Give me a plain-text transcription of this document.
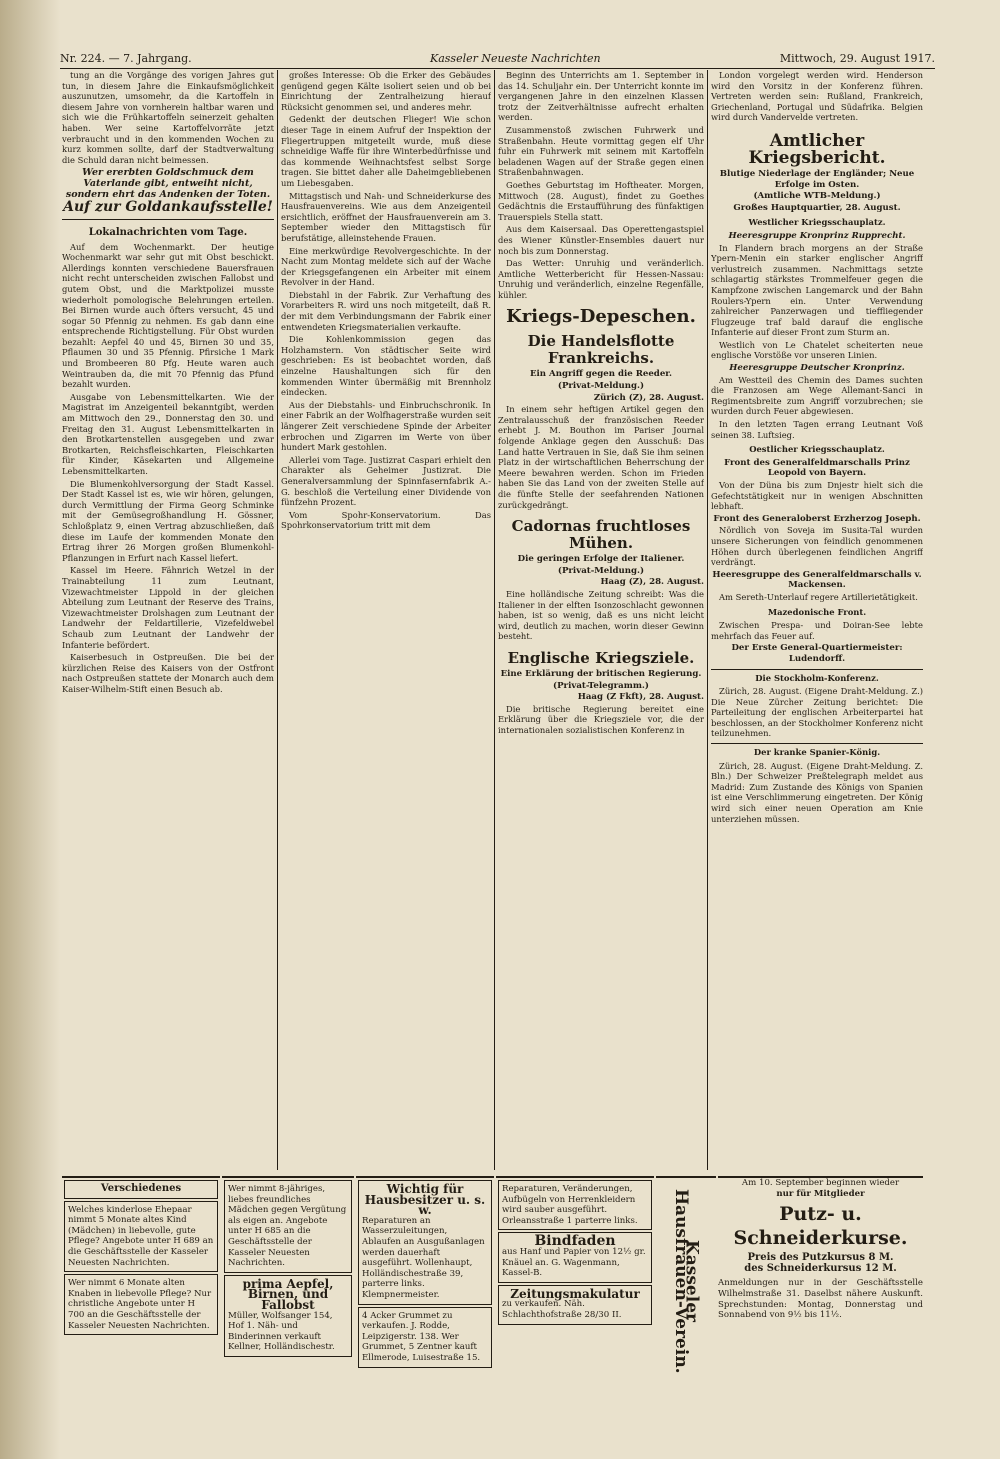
Nr. 224. — 7. Jahrgang.	Kasseler Neueste Nachrichten	Mittwoch, 29. August 1917.

tung an die Vorgänge des vorigen Jahres gut tun, in diesem Jahre die Einkaufsmöglichkeit auszunutzen, umsomehr, da die Kartoffeln in diesem Jahre von vornherein haltbar waren und sich wie die Frühkartoffeln seinerzeit gehalten haben. Wer seine Kartoffelvorräte jetzt verbraucht und in den kommenden Wochen zu kurz kommen sollte, darf der Stadtverwaltung die Schuld daran nicht beimessen.

Wer ererbten Goldschmuck dem Vaterlande gibt, entweiht nicht, sondern ehrt das Andenken der Toten.
Auf zur Goldankaufsstelle!
Lokalnachrichten vom Tage.

Auf dem Wochenmarkt. Der heutige Wochenmarkt war sehr gut mit Obst beschickt. Allerdings konnten verschiedene Bauersfrauen nicht recht unterscheiden zwischen Fallobst und gutem Obst, und die Marktpolizei musste wiederholt pomologische Belehrungen erteilen. Bei Birnen wurde auch öfters versucht, 45 und sogar 50 Pfennig zu nehmen. Es gab dann eine entsprechende Richtigstellung. Für Obst wurden bezahlt: Aepfel 40 und 45, Birnen 30 und 35, Pflaumen 30 und 35 Pfennig. Pfirsiche 1 Mark und Brombeeren 80 Pfg. Heute waren auch Weintrauben da, die mit 70 Pfennig das Pfund bezahlt wurden.

Ausgabe von Lebensmittelkarten. Wie der Magistrat im Anzeigenteil bekanntgibt, werden am Mittwoch den 29., Donnerstag den 30. und Freitag den 31. August Lebensmittelkarten in den Brotkartenstellen ausgegeben und zwar Brotkarten, Reichsfleischkarten, Fleischkarten für Kinder, Käsekarten und Allgemeine Lebensmittelkarten.

Die Blumenkohlversorgung der Stadt Kassel. Der Stadt Kassel ist es, wie wir hören, gelungen, durch Vermittlung der Firma Georg Schminke mit der Gemüsegroßhandlung H. Gössner, Schloßplatz 9, einen Vertrag abzuschließen, daß diese im Laufe der kommenden Monate den Ertrag ihrer 26 Morgen großen Blumenkohl-Pflanzungen in Erfurt nach Kassel liefert.

Kassel im Heere. Fähnrich Wetzel in der Trainabteilung 11 zum Leutnant, Vizewachtmeister Lippold in der gleichen Abteilung zum Leutnant der Reserve des Trains, Vizewachtmeister Drolshagen zum Leutnant der Landwehr der Feldartillerie, Vizefeldwebel Schaub zum Leutnant der Landwehr der Infanterie befördert.

Kaiserbesuch in Ostpreußen. Die bei der kürzlichen Reise des Kaisers von der Ostfront nach Ostpreußen stattete der Monarch auch dem Kaiser-Wilhelm-Stift einen Besuch ab.

großes Interesse: Ob die Erker des Gebäudes genügend gegen Kälte isoliert seien und ob bei Einrichtung der Zentralheizung hierauf Rücksicht genommen sei, und anderes mehr.

Gedenkt der deutschen Flieger! Wie schon dieser Tage in einem Aufruf der Inspektion der Fliegertruppen mitgeteilt wurde, muß diese schneidige Waffe für ihre Winterbedürfnisse und das kommende Weihnachtsfest selbst Sorge tragen. Sie bittet daher alle Daheimgebliebenen um Liebesgaben.

Mittagstisch und Nah- und Schneiderkurse des Hausfrauenvereins. Wie aus dem Anzeigenteil ersichtlich, eröffnet der Hausfrauenverein am 3. September wieder den Mittagstisch für berufstätige, alleinstehende Frauen.

Eine merkwürdige Revolvergeschichte. In der Nacht zum Montag meldete sich auf der Wache der Kriegsgefangenen ein Arbeiter mit einem Revolver in der Hand.

Diebstahl in der Fabrik. Zur Verhaftung des Vorarbeiters R. wird uns noch mitgeteilt, daß R. der mit dem Verbindungsmann der Fabrik einer entwendeten Kriegsmaterialien verkaufte.

Die Kohlenkommission gegen das Holzhamstern. Von städtischer Seite wird geschrieben: Es ist beobachtet worden, daß einzelne Haushaltungen sich für den kommenden Winter übermäßig mit Brennholz eindecken.

Aus der Diebstahls- und Einbruchschronik. In einer Fabrik an der Wolfhagerstraße wurden seit längerer Zeit verschiedene Spinde der Arbeiter erbrochen und Zigarren im Werte von über hundert Mark gestohlen.

Allerlei vom Tage. Justizrat Caspari erhielt den Charakter als Geheimer Justizrat. Die Generalversammlung der Spinnfasernfabrik A.-G. beschloß die Verteilung einer Dividende von fünfzehn Prozent.

Vom Spohr-Konservatorium. Das Spohrkonservatorium tritt mit dem

Beginn des Unterrichts am 1. September in das 14. Schuljahr ein. Der Unterricht konnte im vergangenen Jahre in den einzelnen Klassen trotz der Zeitverhältnisse aufrecht erhalten werden.

Zusammenstoß zwischen Fuhrwerk und Straßenbahn. Heute vormittag gegen elf Uhr fuhr ein Fuhrwerk mit seinem mit Kartoffeln beladenen Wagen auf der Straße gegen einen Straßenbahnwagen.

Goethes Geburtstag im Hoftheater. Morgen, Mittwoch (28. August), findet zu Goethes Gedächtnis die Erstaufführung des fünfaktigen Trauerspiels Stella statt.

Aus dem Kaisersaal. Das Operettengastspiel des Wiener Künstler-Ensembles dauert nur noch bis zum Donnerstag.

Das Wetter: Unruhig und veränderlich. Amtliche Wetterbericht für Hessen-Nassau: Unruhig und veränderlich, einzelne Regenfälle, kühler.

Kriegs-Depeschen.
Die Handelsflotte Frankreichs.
Ein Angriff gegen die Reeder.
(Privat-Meldung.)
Zürich (Z), 28. August.

In einem sehr heftigen Artikel gegen den Zentralausschuß der französischen Reeder erhebt J. M. Bouthon im Pariser Journal folgende Anklage gegen den Ausschuß: Das Land hatte Vertrauen in Sie, daß Sie ihm seinen Platz in der wirtschaftlichen Beherrschung der Meere bewahren werden. Schon im Frieden haben Sie das Land von der zweiten Stelle auf die fünfte Stelle der seefahrenden Nationen zurückgedrängt.

Cadornas fruchtloses Mühen.
Die geringen Erfolge der Italiener.
(Privat-Meldung.)
Haag (Z), 28. August.

Eine holländische Zeitung schreibt: Was die Italiener in der elften Isonzoschlacht gewonnen haben, ist so wenig, daß es uns nicht leicht wird, deutlich zu machen, worin dieser Gewinn besteht.

Englische Kriegsziele.
Eine Erklärung der britischen Regierung.
(Privat-Telegramm.)
Haag (Z Fkft), 28. August.

Die britische Regierung bereitet eine Erklärung über die Kriegsziele vor, die der internationalen sozialistischen Konferenz in

London vorgelegt werden wird. Henderson wird den Vorsitz in der Konferenz führen. Vertreten werden sein: Rußland, Frankreich, Griechenland, Portugal und Südafrika. Belgien wird durch Vandervelde vertreten.

Amtlicher Kriegsbericht.
Blutige Niederlage der Engländer; Neue Erfolge im Osten.
(Amtliche WTB-Meldung.)
Großes Hauptquartier, 28. August.
Westlicher Kriegsschauplatz.
Heeresgruppe Kronprinz Rupprecht.

In Flandern brach morgens an der Straße Ypern-Menin ein starker englischer Angriff verlustreich zusammen. Nachmittags setzte schlagartig stärkstes Trommelfeuer gegen die Kampfzone zwischen Langemarck und der Bahn Roulers-Ypern ein. Unter Verwendung zahlreicher Panzerwagen und tieffliegender Flugzeuge traf bald darauf die englische Infanterie auf dieser Front zum Sturm an.

Westlich von Le Chatelet scheiterten neue englische Vorstöße vor unseren Linien.

Heeresgruppe Deutscher Kronprinz.

Am Westteil des Chemin des Dames suchten die Franzosen am Wege Allemant-Sanci in Regimentsbreite zum Angriff vorzubrechen; sie wurden durch Feuer abgewiesen.

In den letzten Tagen errang Leutnant Voß seinen 38. Luftsieg.

Oestlicher Kriegsschauplatz.
Front des Generalfeldmarschalls Prinz Leopold von Bayern.

Von der Düna bis zum Dnjestr hielt sich die Gefechtstätigkeit nur in wenigen Abschnitten lebhaft.

Front des Generaloberst Erzherzog Joseph.

Nördlich von Soveja im Susita-Tal wurden unsere Sicherungen von feindlich genommenen Höhen durch überlegenen feindlichen Angriff verdrängt.

Heeresgruppe des Generalfeldmarschalls v. Mackensen.

Am Sereth-Unterlauf regere Artillerietätigkeit.

Mazedonische Front.

Zwischen Prespa- und Doiran-See lebte mehrfach das Feuer auf.

Der Erste General-Quartiermeister: Ludendorff.
Die Stockholm-Konferenz.

Zürich, 28. August. (Eigene Draht-Meldung. Z.) Die Neue Zürcher Zeitung berichtet: Die Parteileitung der englischen Arbeiterpartei hat beschlossen, an der Stockholmer Konferenz nicht teilzunehmen.

Der kranke Spanier-König.

Zürich, 28. August. (Eigene Draht-Meldung. Z. Bln.) Der Schweizer Preßtelegraph meldet aus Madrid: Zum Zustande des Königs von Spanien ist eine Verschlimmerung eingetreten. Der König wird sich einer neuen Operation am Knie unterziehen müssen.

Verschiedenes
Welches kinderlose Ehepaar nimmt 5 Monate altes Kind (Mädchen) in liebevolle, gute Pflege? Angebote unter H 689 an die Geschäftsstelle der Kasseler Neuesten Nachrichten.
Wer nimmt 6 Monate alten Knaben in liebevolle Pflege? Nur christliche Angebote unter H 700 an die Geschäftsstelle der Kasseler Neuesten Nachrichten.
Wer nimmt 8-jähriges, liebes freundliches Mädchen gegen Vergütung als eigen an. Angebote unter H 685 an die Geschäftsstelle der Kasseler Neuesten Nachrichten.
prima Aepfel, Birnen, und Fallobst
Müller, Wolfsanger 154, Hof 1. Näh- und Binderinnen verkauft Kellner, Holländischestr.
Wichtig für Hausbesitzer u. s. w.
Reparaturen an Wasserzuleitungen, Ablaufen an Ausgußanlagen werden dauerhaft ausgeführt. Wollenhaupt, Holländischestraße 39, parterre links. Klempnermeister.
4 Acker Grummet zu verkaufen. J. Rodde, Leipzigerstr. 138. Wer Grummet, 5 Zentner kauft Ellmerode, Luisestraße 15.
Reparaturen, Veränderungen, Aufbügeln von Herrenkleidern wird sauber ausgeführt. Orleansstraße 1 parterre links.
Bindfaden
aus Hanf und Papier von 12½ gr. Knäuel an. G. Wagenmann, Kassel-B.
Zeitungsmakulatur
zu verkaufen. Näh. Schlachthofstraße 28/30 II.	Kasseler Hausfrauen-Verein.
Am 10. September beginnen wieder
nur für Mitglieder
Putz- u. Schneiderkurse.
Preis des Putzkursus 8 M.
des Schneiderkursus 12 M.
Anmeldungen nur in der Geschäftsstelle Wilhelmstraße 31. Daselbst nähere Auskunft. Sprechstunden: Montag, Donnerstag und Sonnabend von 9½ bis 11½.
